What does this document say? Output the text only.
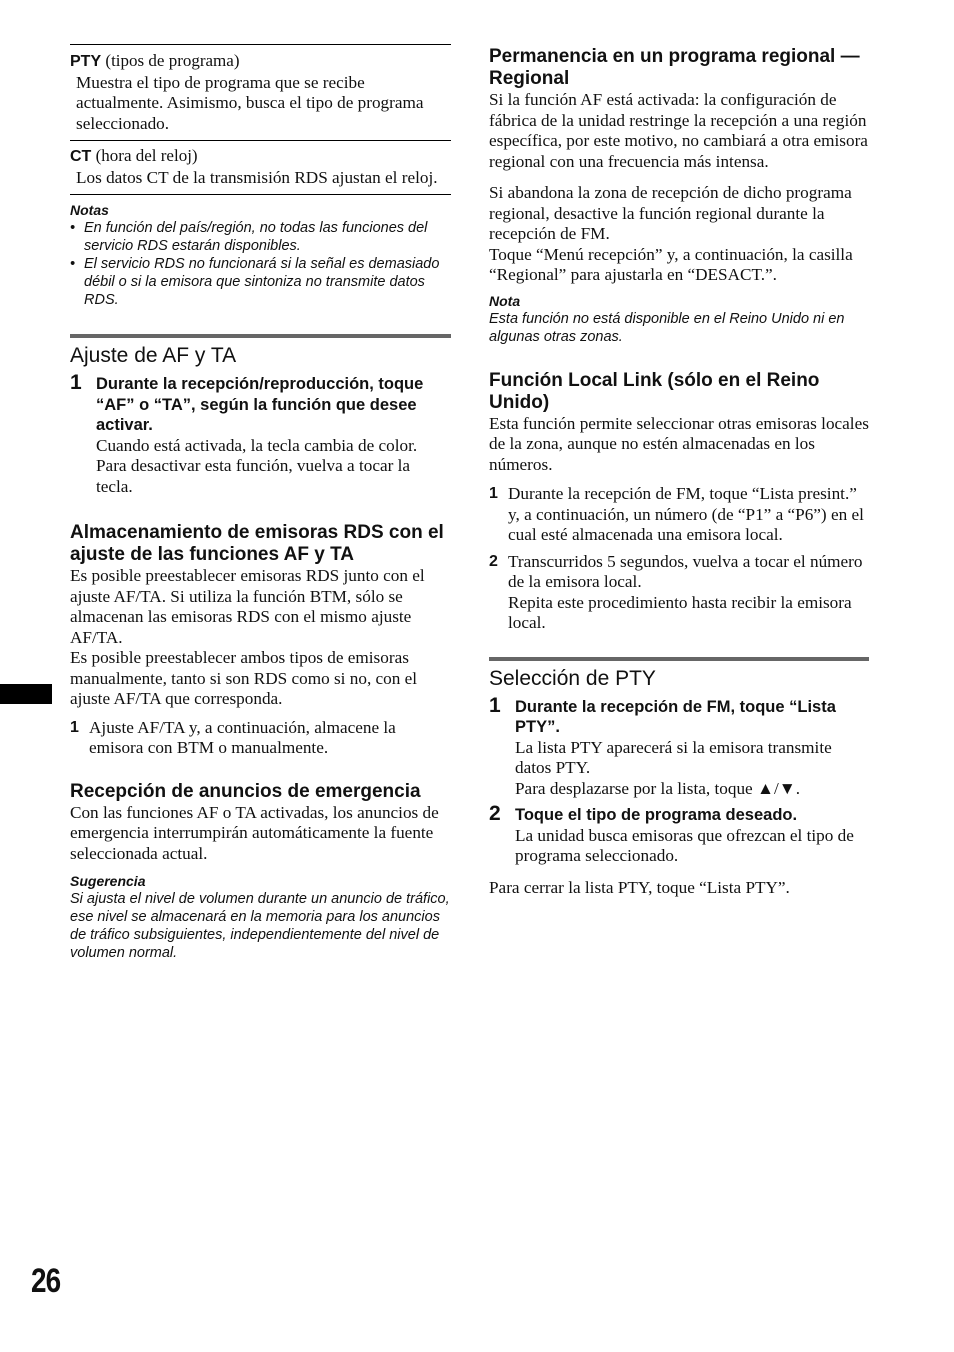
PTY (tipos de programa)
Muestra el tipo de programa que se recibe actualmente. Asimismo, busca el tipo de programa seleccionado.
CT (hora del reloj)
Los datos CT de la transmisión RDS ajustan el reloj.
Notas
• En función del país/región, no todas las funciones del servicio RDS estarán disponibles.
• El servicio RDS no funcionará si la señal es demasiado débil o si la emisora que sintoniza no transmite datos RDS.
Ajuste de AF y TA
1 Durante la recepción/reproducción, toque “AF” o “TA”, según la función que desee activar.
Cuando está activada, la tecla cambia de color.
Para desactivar esta función, vuelva a tocar la tecla.
Almacenamiento de emisoras RDS con el ajuste de las funciones AF y TA
Es posible preestablecer emisoras RDS junto con el ajuste AF/TA. Si utiliza la función BTM, sólo se almacenan las emisoras RDS con el mismo ajuste AF/TA.
Es posible preestablecer ambos tipos de emisoras manualmente, tanto si son RDS como si no, con el ajuste AF/TA que corresponda.
1 Ajuste AF/TA y, a continuación, almacene la emisora con BTM o manualmente.
Recepción de anuncios de emergencia
Con las funciones AF o TA activadas, los anuncios de emergencia interrumpirán automáticamente la fuente seleccionada actual.
Sugerencia
Si ajusta el nivel de volumen durante un anuncio de tráfico, ese nivel se almacenará en la memoria para los anuncios de tráfico subsiguientes, independientemente del nivel de volumen normal.
Permanencia en un programa regional — Regional
Si la función AF está activada: la configuración de fábrica de la unidad restringe la recepción a una región específica, por este motivo, no cambiará a otra emisora regional con una frecuencia más intensa.
Si abandona la zona de recepción de dicho programa regional, desactive la función regional durante la recepción de FM.
Toque “Menú recepción” y, a continuación, la casilla “Regional” para ajustarla en “DESACT.”.
Nota
Esta función no está disponible en el Reino Unido ni en algunas otras zonas.
Función Local Link (sólo en el Reino Unido)
Esta función permite seleccionar otras emisoras locales de la zona, aunque no estén almacenadas en los números.
1 Durante la recepción de FM, toque “Lista presint.” y, a continuación, un número (de “P1” a “P6”) en el cual esté almacenada una emisora local.
2 Transcurridos 5 segundos, vuelva a tocar el número de la emisora local.
Repita este procedimiento hasta recibir la emisora local.
Selección de PTY
1 Durante la recepción de FM, toque “Lista PTY”.
La lista PTY aparecerá si la emisora transmite datos PTY.
Para desplazarse por la lista, toque ▲/▼.
2 Toque el tipo de programa deseado.
La unidad busca emisoras que ofrezcan el tipo de programa seleccionado.
Para cerrar la lista PTY, toque “Lista PTY”.
26
